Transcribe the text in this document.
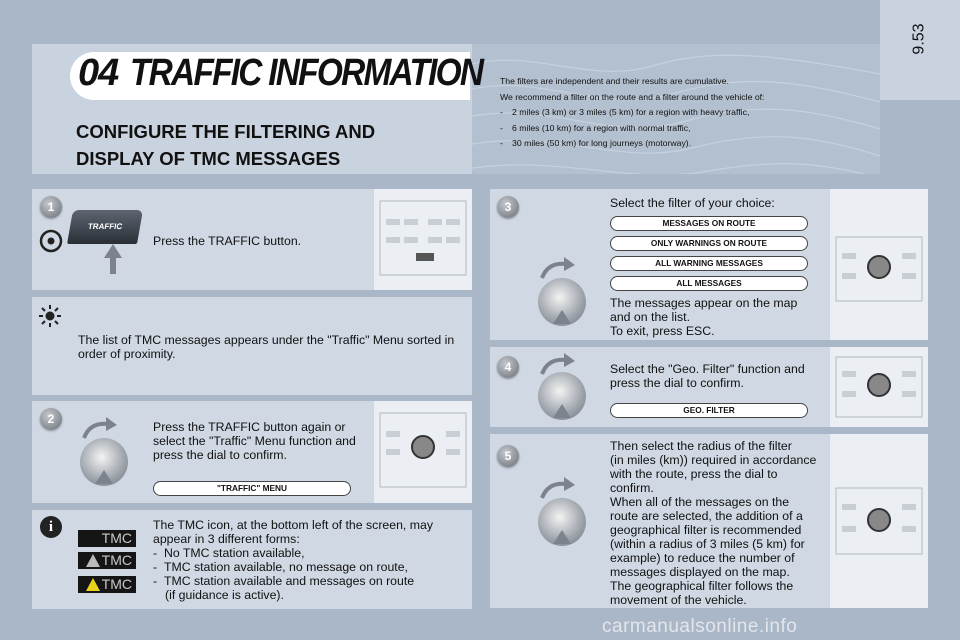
9.53
04 TRAFFIC INFORMATION
CONFIGURE THE FILTERING AND
DISPLAY OF TMC MESSAGES
The filters are independent and their results are cumulative.
We recommend a filter on the route and a filter around the vehicle of:
- 2 miles (3 km) or 3 miles (5 km) for a region with heavy traffic,
- 6 miles (10 km) for a region with normal traffic,
- 30 miles (50 km) for long journeys (motorway).
1
TRAFFIC
Press the TRAFFIC button.
The list of TMC messages appears under the "Traffic" Menu sorted in order of proximity.
2
Press the TRAFFIC button again or
select the "Traffic" Menu function and
press the dial to confirm.
"TRAFFIC" MENU
i
TMC
TMC
TMC
The TMC icon, at the bottom left of the screen, may
appear in 3 different forms:
-  No TMC station available,
-  TMC station available, no message on route,
-  TMC station available and messages on route
(if guidance is active).
3	Select the filter of your choice:
MESSAGES ON ROUTE
ONLY WARNINGS ON ROUTE
ALL WARNING MESSAGES
ALL MESSAGES
The messages appear on the map
and on the list.
To exit, press ESC.
4	Select the "Geo. Filter" function and
press the dial to confirm.
GEO. FILTER
5
Then select the radius of the filter
(in miles (km)) required in accordance
with the route, press the dial to
confirm.
When all of the messages on the
route are selected, the addition of a
geographical filter is recommended
(within a radius of 3 miles (5 km) for
example) to reduce the number of
messages displayed on the map.
The geographical filter follows the
movement of the vehicle.
carmanualsonline.info
